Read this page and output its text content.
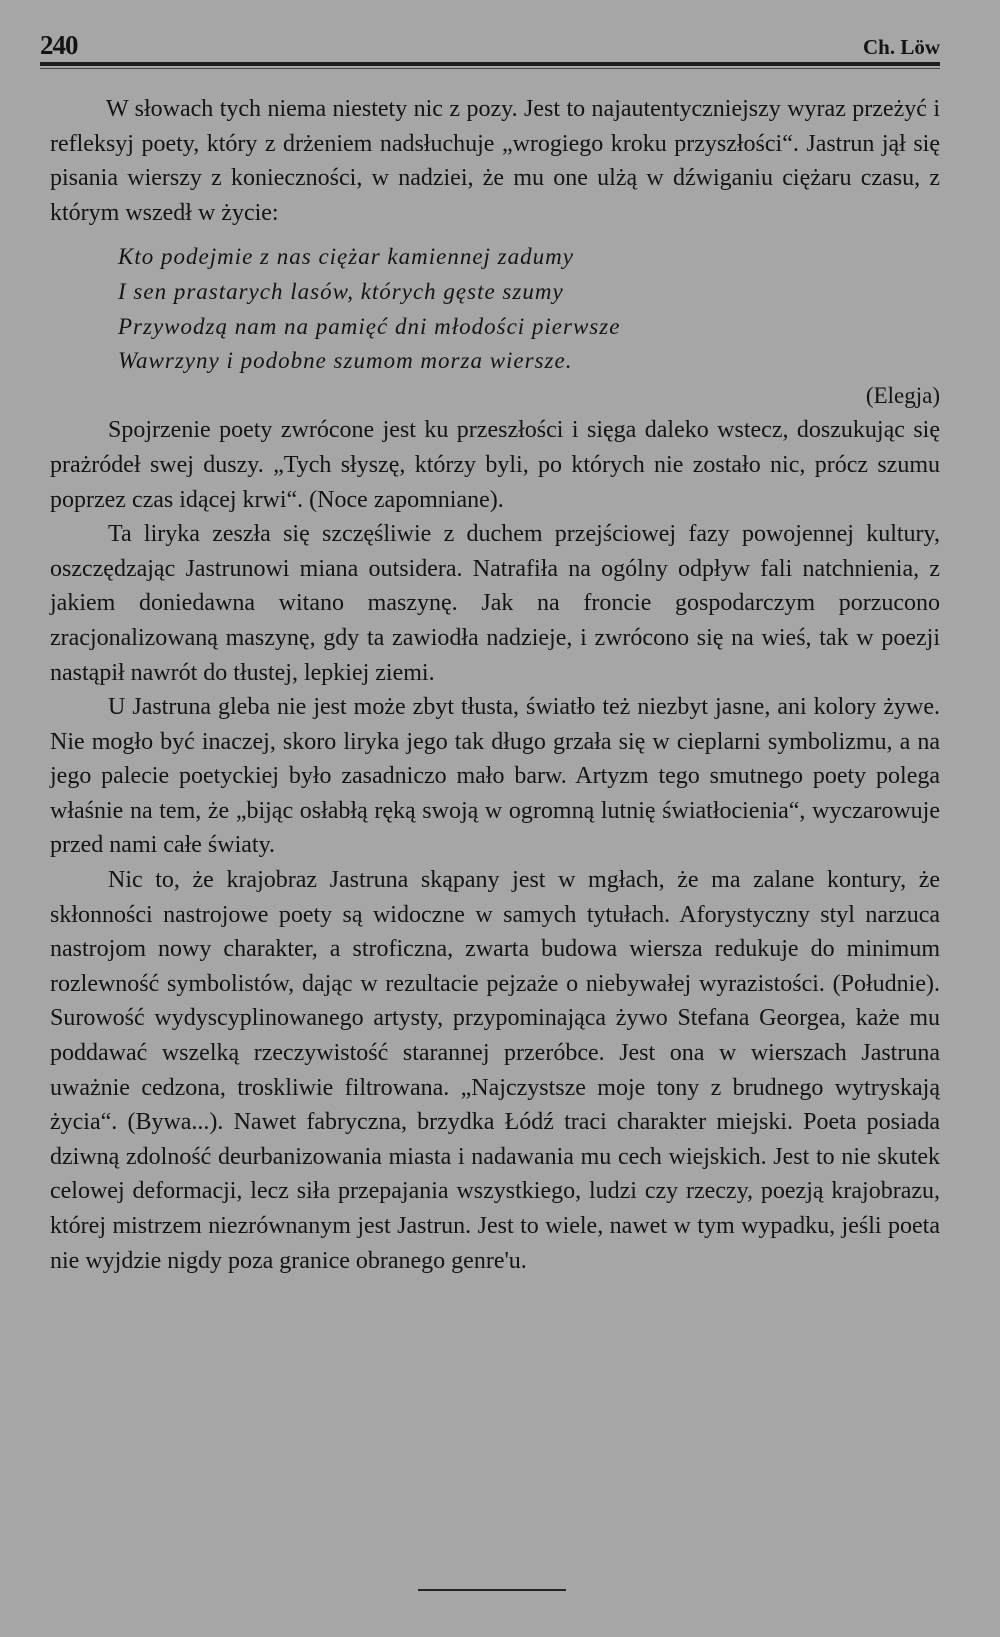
240	Ch. Löw

W słowach tych niema niestety nic z pozy. Jest to najautentyczniejszy wyraz przeżyć i refleksyj poety, który z drżeniem nadsłuchuje „wrogiego kroku przyszłości“. Jastrun jął się pisania wierszy z konieczności, w nadziei, że mu one ulżą w dźwiganiu ciężaru czasu, z którym wszedł w życie:

Kto podejmie z nas ciężar kamiennej zadumy
I sen prastarych lasów, których gęste szumy
Przywodzą nam na pamięć dni młodości pierwsze
Wawrzyny i podobne szumom morza wiersze.

(Elegja)

Spojrzenie poety zwrócone jest ku przeszłości i sięga daleko wstecz, doszukując się prażródeł swej duszy. „Tych słyszę, którzy byli, po których nie zostało nic, prócz szumu poprzez czas idącej krwi“. (Noce zapomniane).

Ta liryka zeszła się szczęśliwie z duchem przejściowej fazy powojennej kultury, oszczędzając Jastrunowi miana outsidera. Natrafiła na ogólny odpływ fali natchnienia, z jakiem doniedawna witano maszynę. Jak na froncie gospodarczym porzucono zracjonalizowaną maszynę, gdy ta zawiodła nadzieje, i zwrócono się na wieś, tak w poezji nastąpił nawrót do tłustej, lepkiej ziemi.

U Jastruna gleba nie jest może zbyt tłusta, światło też niezbyt jasne, ani kolory żywe. Nie mogło być inaczej, skoro liryka jego tak długo grzała się w cieplarni symbolizmu, a na jego palecie poetyckiej było zasadniczo mało barw. Artyzm tego smutnego poety polega właśnie na tem, że „bijąc osłabłą ręką swoją w ogromną lutnię światłocienia“, wyczarowuje przed nami całe światy.

Nic to, że krajobraz Jastruna skąpany jest w mgłach, że ma zalane kontury, że skłonności nastrojowe poety są widoczne w samych tytułach. Aforystyczny styl narzuca nastrojom nowy charakter, a stroficzna, zwarta budowa wiersza redukuje do minimum rozlewność symbolistów, dając w rezultacie pejzaże o niebywałej wyrazistości. (Południe). Surowość wydyscyplinowanego artysty, przypominająca żywo Stefana Georgea, każe mu poddawać wszelką rzeczywistość starannej przeróbce. Jest ona w wierszach Jastruna uważnie cedzona, troskliwie filtrowana. „Najczystsze moje tony z brudnego wytryskają życia“. (Bywa...). Nawet fabryczna, brzydka Łódź traci charakter miejski. Poeta posiada dziwną zdolność deurbanizowania miasta i nadawania mu cech wiejskich. Jest to nie skutek celowej deformacji, lecz siła przepajania wszystkiego, ludzi czy rzeczy, poezją krajobrazu, której mistrzem niezrównanym jest Jastrun. Jest to wiele, nawet w tym wypadku, jeśli poeta nie wyjdzie nigdy poza granice obranego genre'u.
